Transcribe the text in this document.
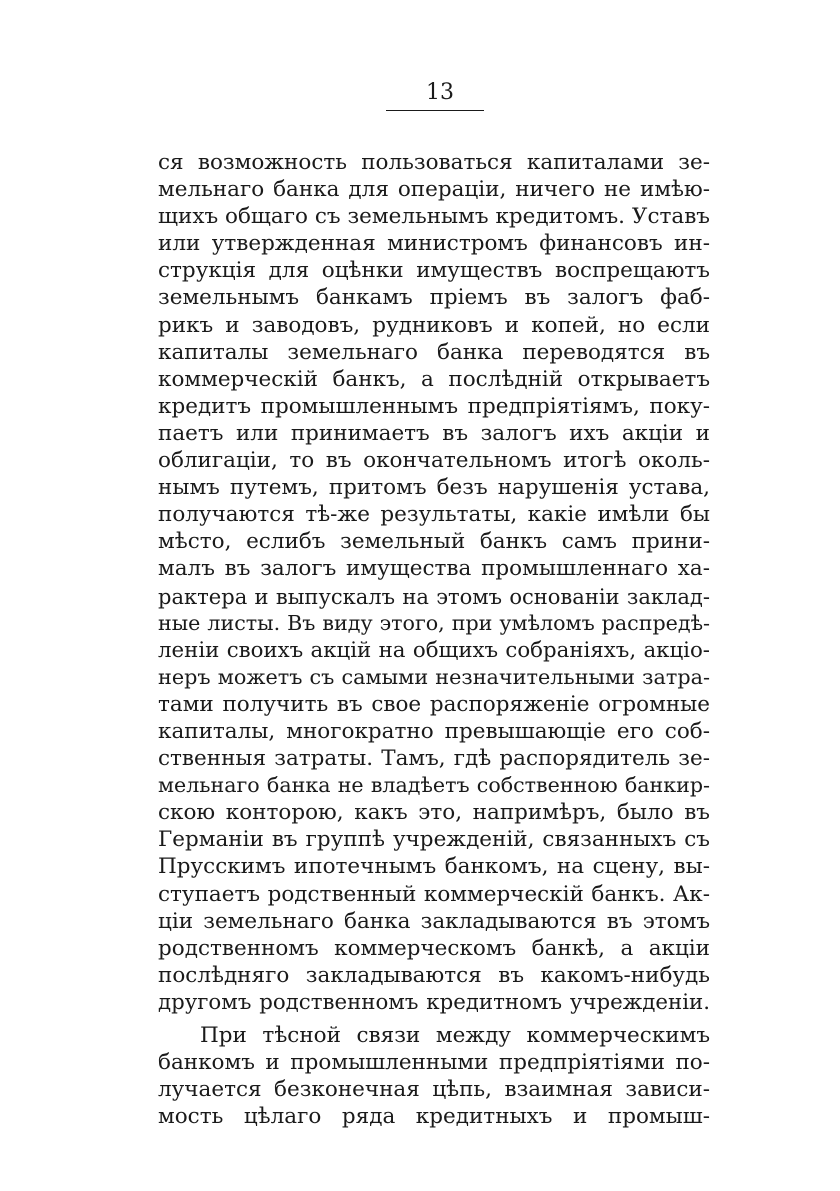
13
ся возможность пользоваться капиталами зе-
мельнаго банка для операціи, ничего не имѣю-
щихъ общаго съ земельнымъ кредитомъ. Уставъ
или утвержденная министромъ финансовъ ин-
струкція для оцѣнки имуществъ воспрещаютъ
земельнымъ банкамъ пріемъ въ залогъ фаб-
рикъ и заводовъ, рудниковъ и копей, но если
капиталы земельнаго банка переводятся въ
коммерческій банкъ, а послѣдній открываетъ
кредитъ промышленнымъ предпріятіямъ, поку-
паетъ или принимаетъ въ залогъ ихъ акціи и
облигаціи, то въ окончательномъ итогѣ околь-
нымъ путемъ, притомъ безъ нарушенія устава,
получаются тѣ-же результаты, какіе имѣли бы
мѣсто, еслибъ земельный банкъ самъ прини-
малъ въ залогъ имущества промышленнаго ха-
рактера и выпускалъ на этомъ основаніи заклад-
ные листы. Въ виду этого, при умѣломъ распредѣ-
леніи своихъ акцій на общихъ собраніяхъ, акціо-
неръ можетъ съ самыми незначительными затра-
тами получить въ свое распоряженіе огромные
капиталы, многократно превышающіе его соб-
ственныя затраты. Тамъ, гдѣ распорядитель зе-
мельнаго банка не владѣетъ собственною банкир-
скою конторою, какъ это, напримѣръ, было въ
Германіи въ группѣ учрежденій, связанныхъ съ
Прусскимъ ипотечнымъ банкомъ, на сцену, вы-
ступаетъ родственный коммерческій банкъ. Ак-
ціи земельнаго банка закладываются въ этомъ
родственномъ коммерческомъ банкѣ, а акціи
послѣдняго закладываются въ какомъ-нибудь
другомъ родственномъ кредитномъ учрежденіи.
При тѣсной связи между коммерческимъ
банкомъ и промышленными предпріятіями по-
лучается безконечная цѣпь, взаимная зависи-
мость цѣлаго ряда кредитныхъ и промыш-
